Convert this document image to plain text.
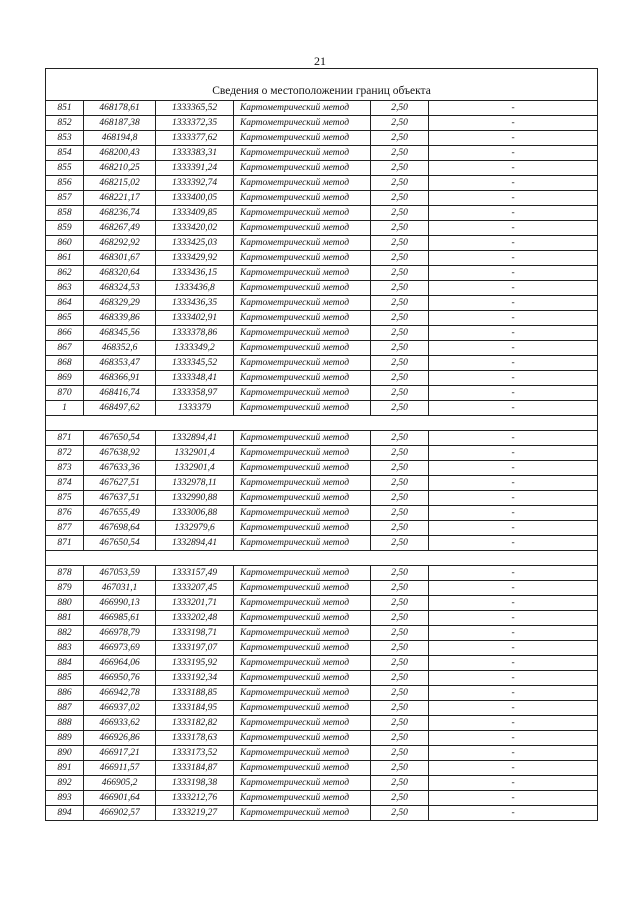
21
Сведения о местоположении границ объекта					
851	468178,61	1333365,52	Картометрический метод	2,50	-
852	468187,38	1333372,35	Картометрический метод	2,50	-
853	468194,8	1333377,62	Картометрический метод	2,50	-
854	468200,43	1333383,31	Картометрический метод	2,50	-
855	468210,25	1333391,24	Картометрический метод	2,50	-
856	468215,02	1333392,74	Картометрический метод	2,50	-
857	468221,17	1333400,05	Картометрический метод	2,50	-
858	468236,74	1333409,85	Картометрический метод	2,50	-
859	468267,49	1333420,02	Картометрический метод	2,50	-
860	468292,92	1333425,03	Картометрический метод	2,50	-
861	468301,67	1333429,92	Картометрический метод	2,50	-
862	468320,64	1333436,15	Картометрический метод	2,50	-
863	468324,53	1333436,8	Картометрический метод	2,50	-
864	468329,29	1333436,35	Картометрический метод	2,50	-
865	468339,86	1333402,91	Картометрический метод	2,50	-
866	468345,56	1333378,86	Картометрический метод	2,50	-
867	468352,6	1333349,2	Картометрический метод	2,50	-
868	468353,47	1333345,52	Картометрический метод	2,50	-
869	468366,91	1333348,41	Картометрический метод	2,50	-
870	468416,74	1333358,97	Картометрический метод	2,50	-
1	468497,62	1333379	Картометрический метод	2,50	-

871	467650,54	1332894,41	Картометрический метод	2,50	-
872	467638,92	1332901,4	Картометрический метод	2,50	-
873	467633,36	1332901,4	Картометрический метод	2,50	-
874	467627,51	1332978,11	Картометрический метод	2,50	-
875	467637,51	1332990,88	Картометрический метод	2,50	-
876	467655,49	1333006,88	Картометрический метод	2,50	-
877	467698,64	1332979,6	Картометрический метод	2,50	-
871	467650,54	1332894,41	Картометрический метод	2,50	-

878	467053,59	1333157,49	Картометрический метод	2,50	-
879	467031,1	1333207,45	Картометрический метод	2,50	-
880	466990,13	1333201,71	Картометрический метод	2,50	-
881	466985,61	1333202,48	Картометрический метод	2,50	-
882	466978,79	1333198,71	Картометрический метод	2,50	-
883	466973,69	1333197,07	Картометрический метод	2,50	-
884	466964,06	1333195,92	Картометрический метод	2,50	-
885	466950,76	1333192,34	Картометрический метод	2,50	-
886	466942,78	1333188,85	Картометрический метод	2,50	-
887	466937,02	1333184,95	Картометрический метод	2,50	-
888	466933,62	1333182,82	Картометрический метод	2,50	-
889	466926,86	1333178,63	Картометрический метод	2,50	-
890	466917,21	1333173,52	Картометрический метод	2,50	-
891	466911,57	1333184,87	Картометрический метод	2,50	-
892	466905,2	1333198,38	Картометрический метод	2,50	-
893	466901,64	1333212,76	Картометрический метод	2,50	-
894	466902,57	1333219,27	Картометрический метод	2,50	-
